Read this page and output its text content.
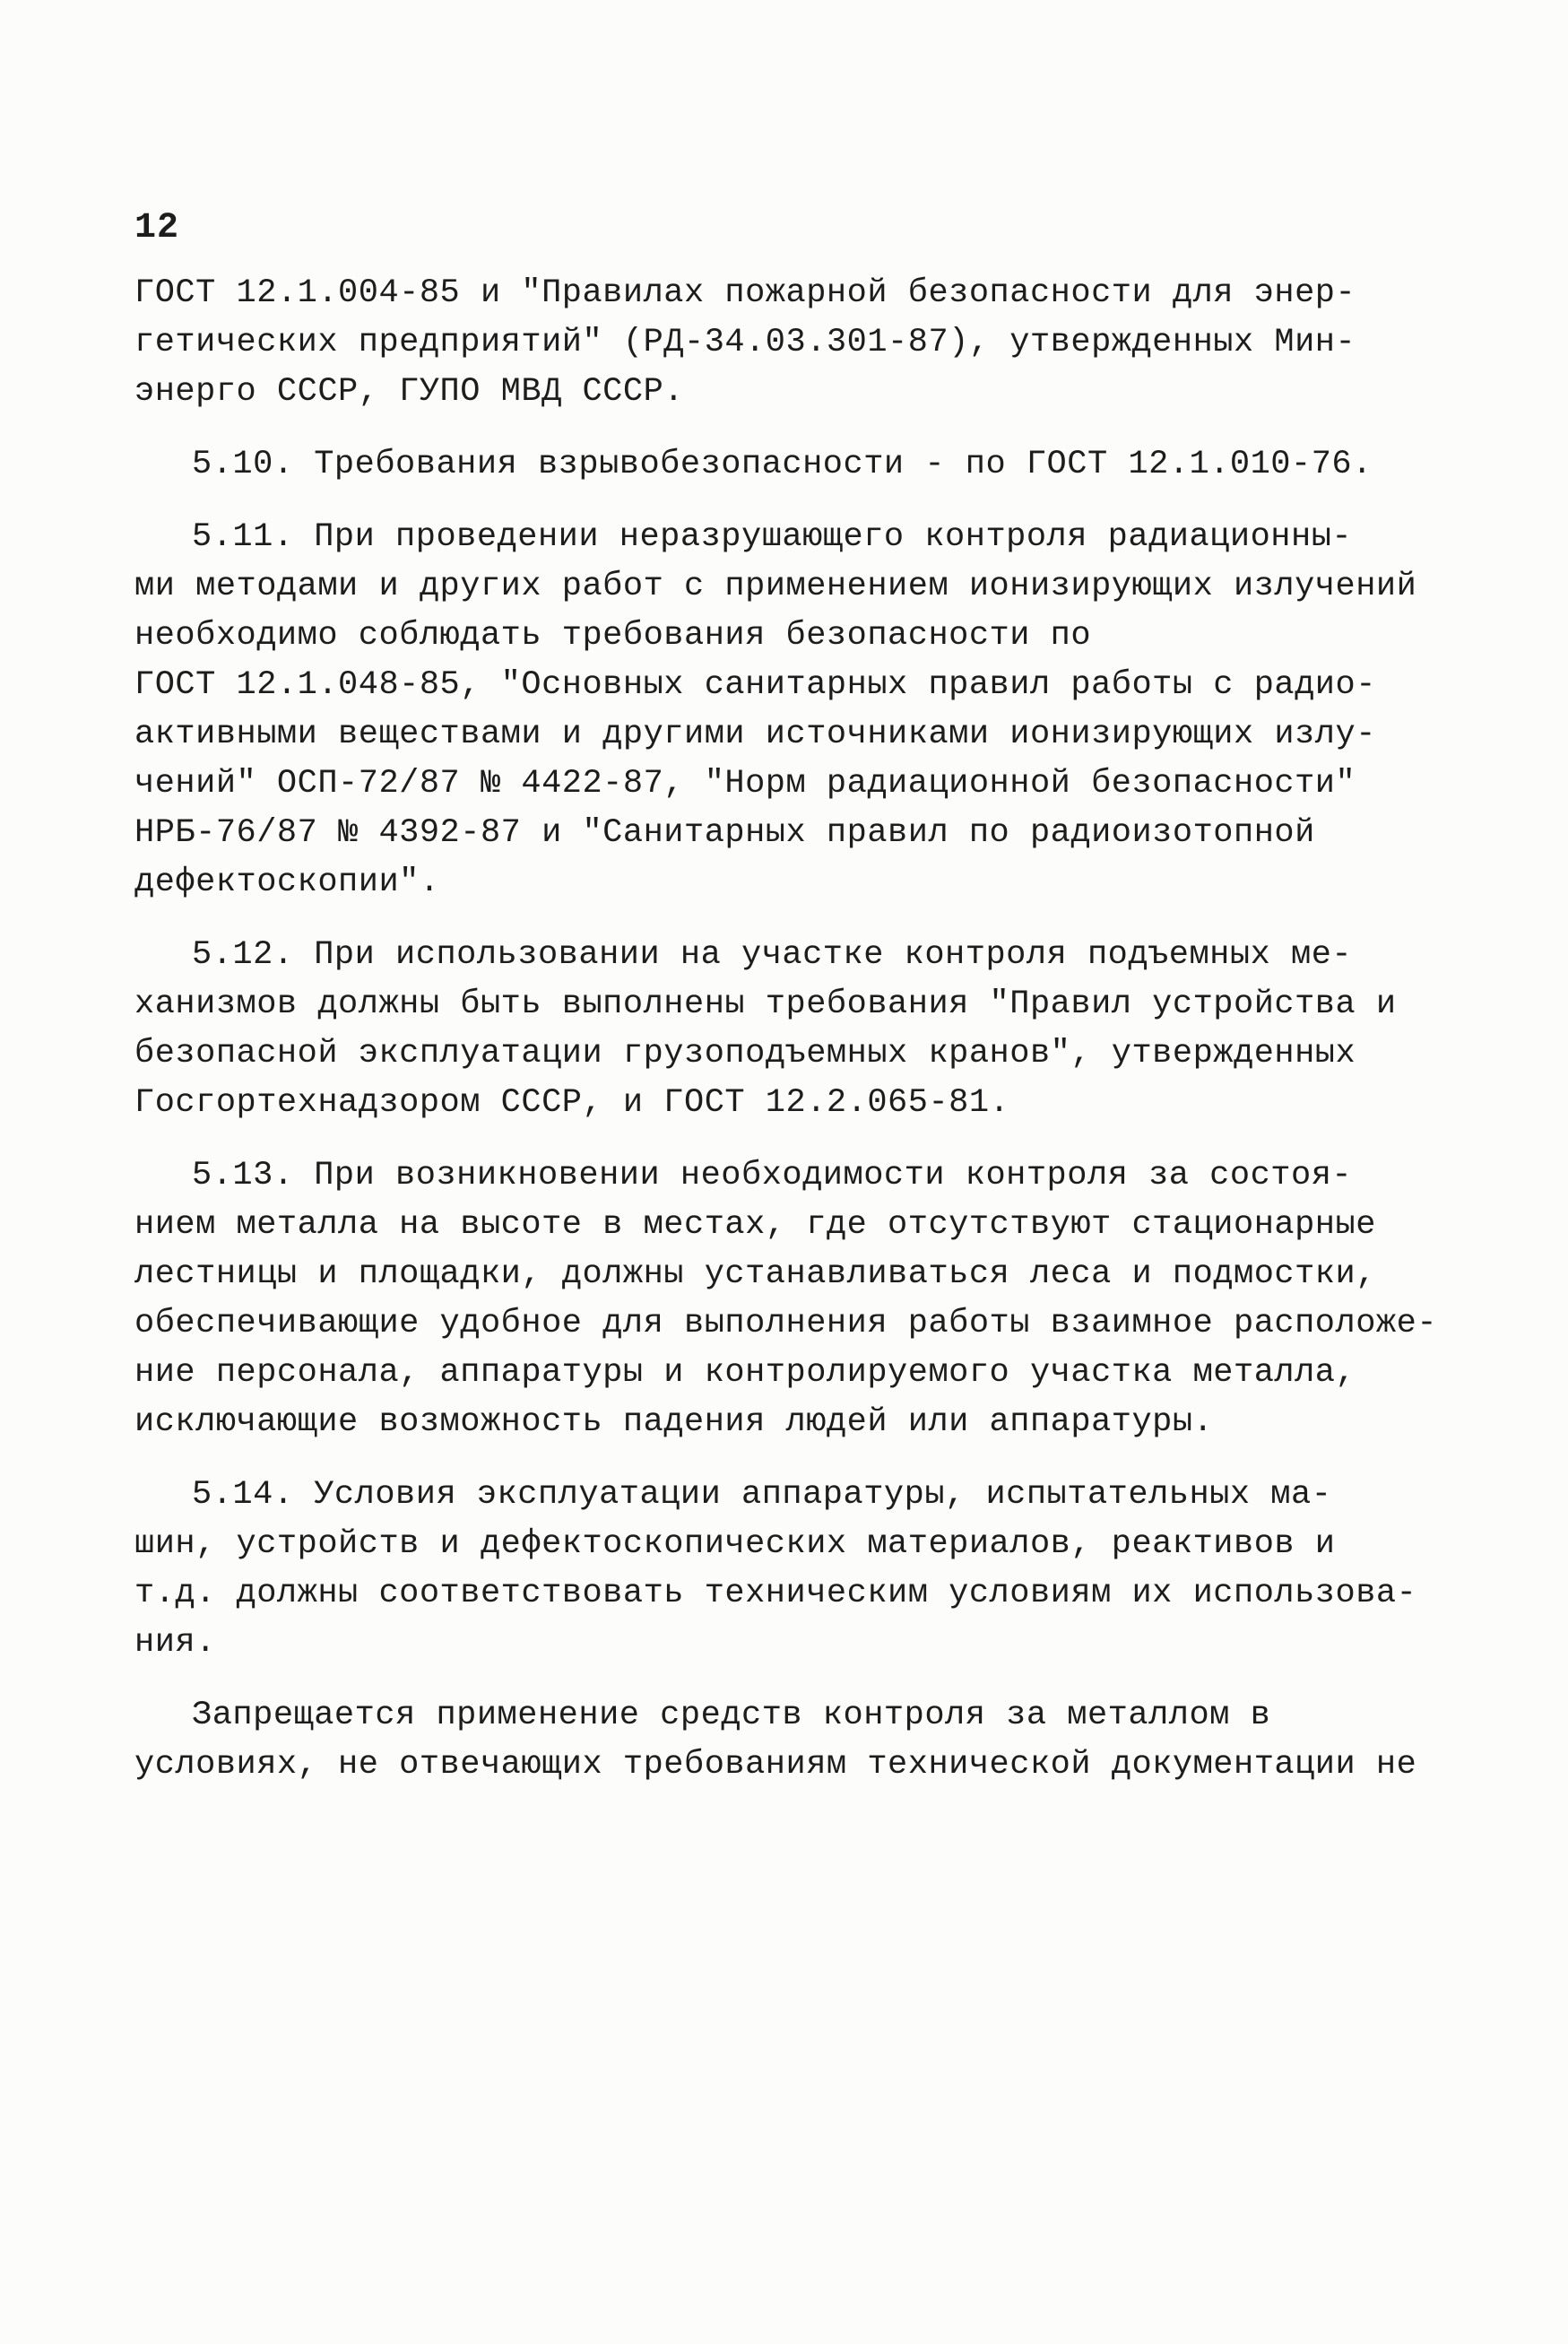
12
ГОСТ 12.1.004-85 и "Правилах пожарной безопасности для энер-
гетических предприятий" (РД-34.03.301-87), утвержденных Мин-
энерго СССР, ГУПО МВД СССР.
5.10. Требования взрывобезопасности - по ГОСТ 12.1.010-76.
5.11. При проведении неразрушающего контроля радиационны-
ми методами и других работ с применением ионизирующих излучений
необходимо соблюдать требования безопасности по
ГОСТ 12.1.048-85, "Основных санитарных правил работы с радио-
активными веществами и другими источниками ионизирующих излу-
чений" ОСП-72/87 № 4422-87, "Норм радиационной безопасности"
НРБ-76/87 № 4392-87 и "Санитарных правил по радиоизотопной
дефектоскопии".
5.12. При использовании на участке контроля подъемных ме-
ханизмов должны быть выполнены требования "Правил устройства и
безопасной эксплуатации грузоподъемных кранов", утвержденных
Госгортехнадзором СССР, и ГОСТ 12.2.065-81.
5.13. При возникновении необходимости контроля за состоя-
нием металла на высоте в местах, где отсутствуют стационарные
лестницы и площадки, должны устанавливаться леса и подмостки,
обеспечивающие удобное для выполнения работы взаимное расположе-
ние персонала, аппаратуры и контролируемого участка металла,
исключающие возможность падения людей или аппаратуры.
5.14. Условия эксплуатации аппаратуры, испытательных ма-
шин, устройств и дефектоскопических материалов, реактивов и
т.д. должны соответствовать техническим условиям их использова-
ния.
Запрещается применение средств контроля за металлом в
условиях, не отвечающих требованиям технической документации не
